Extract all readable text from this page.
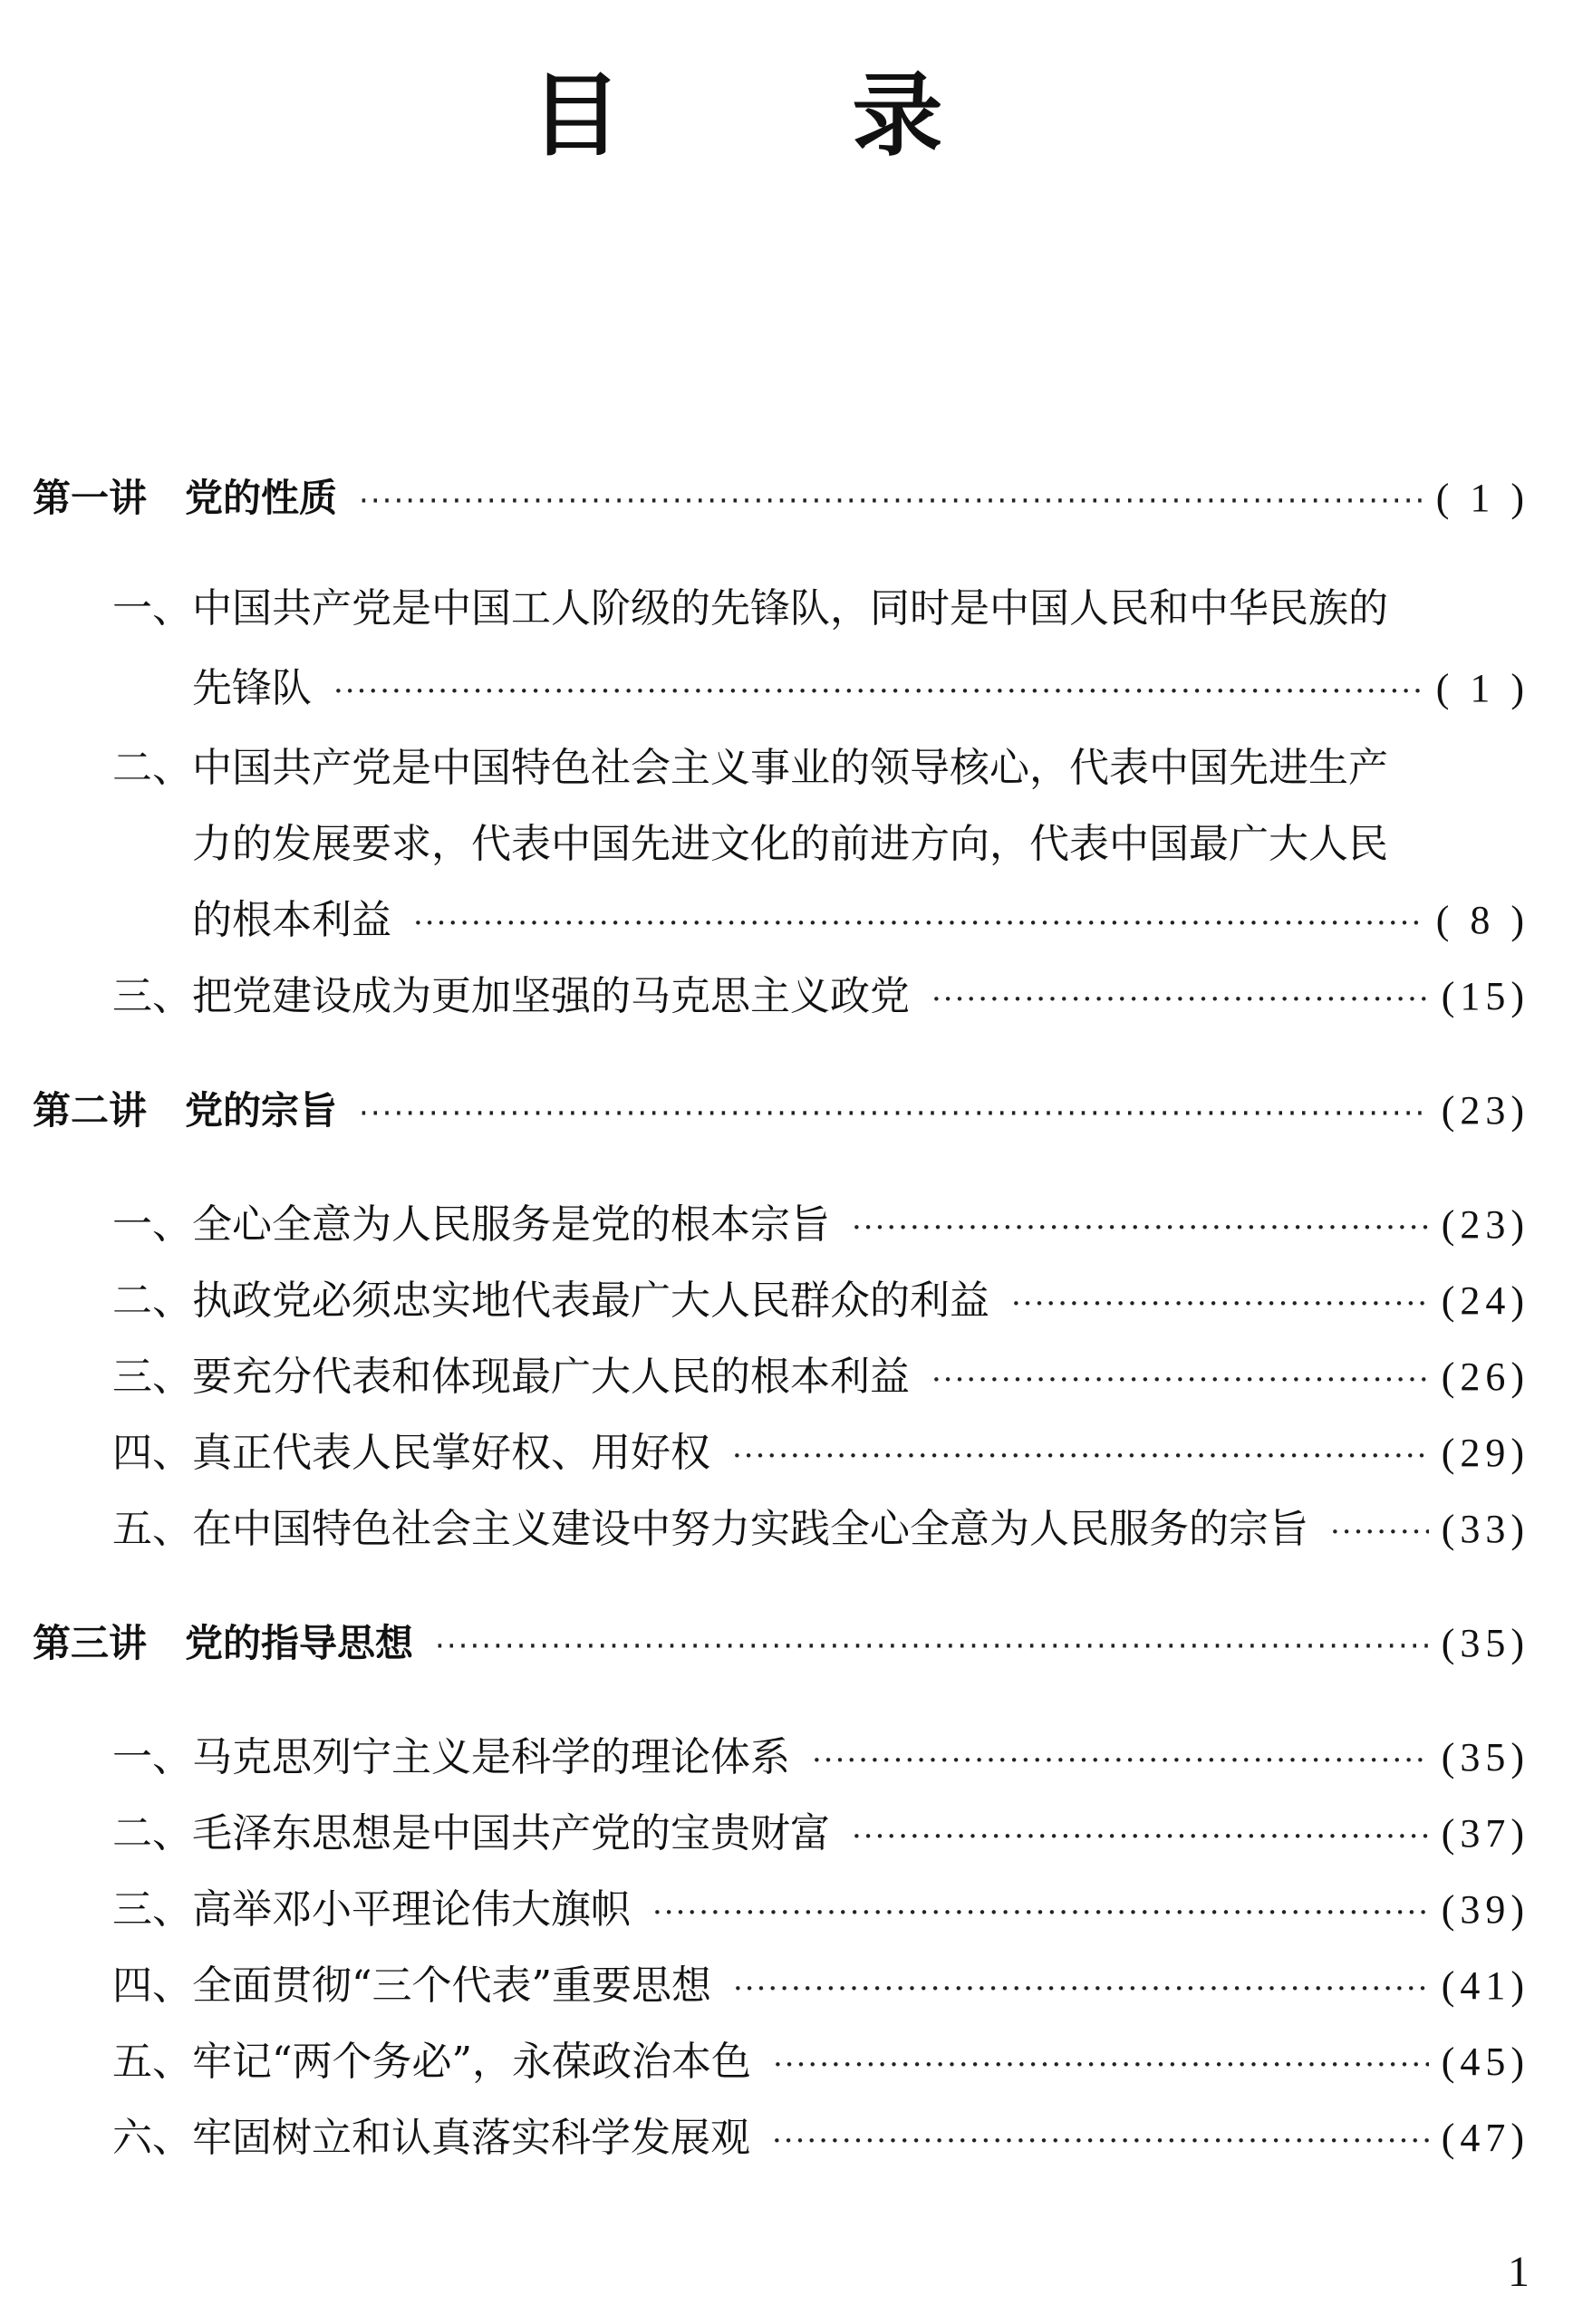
目 录
第一讲　党的性质 ·····	( 1 )
一、中国共产党是中国工人阶级的先锋队，同时是中国人民和中华民族的
先锋队 ·····	( 1 )
二、中国共产党是中国特色社会主义事业的领导核心，代表中国先进生产
力的发展要求，代表中国先进文化的前进方向，代表中国最广大人民
的根本利益 ·····	( 8 )
三、把党建设成为更加坚强的马克思主义政党 ·····	(15)
第二讲　党的宗旨 ·····	(23)
一、全心全意为人民服务是党的根本宗旨 ·····	(23)
二、执政党必须忠实地代表最广大人民群众的利益 ·····	(24)
三、要充分代表和体现最广大人民的根本利益 ·····	(26)
四、真正代表人民掌好权、用好权 ·····	(29)
五、在中国特色社会主义建设中努力实践全心全意为人民服务的宗旨 ·····	(33)
第三讲　党的指导思想 ·····	(35)
一、马克思列宁主义是科学的理论体系 ·····	(35)
二、毛泽东思想是中国共产党的宝贵财富 ·····	(37)
三、高举邓小平理论伟大旗帜 ·····	(39)
四、全面贯彻“三个代表”重要思想 ·····	(41)
五、牢记“两个务必”，永葆政治本色 ·····	(45)
六、牢固树立和认真落实科学发展观 ·····	(47)
1
